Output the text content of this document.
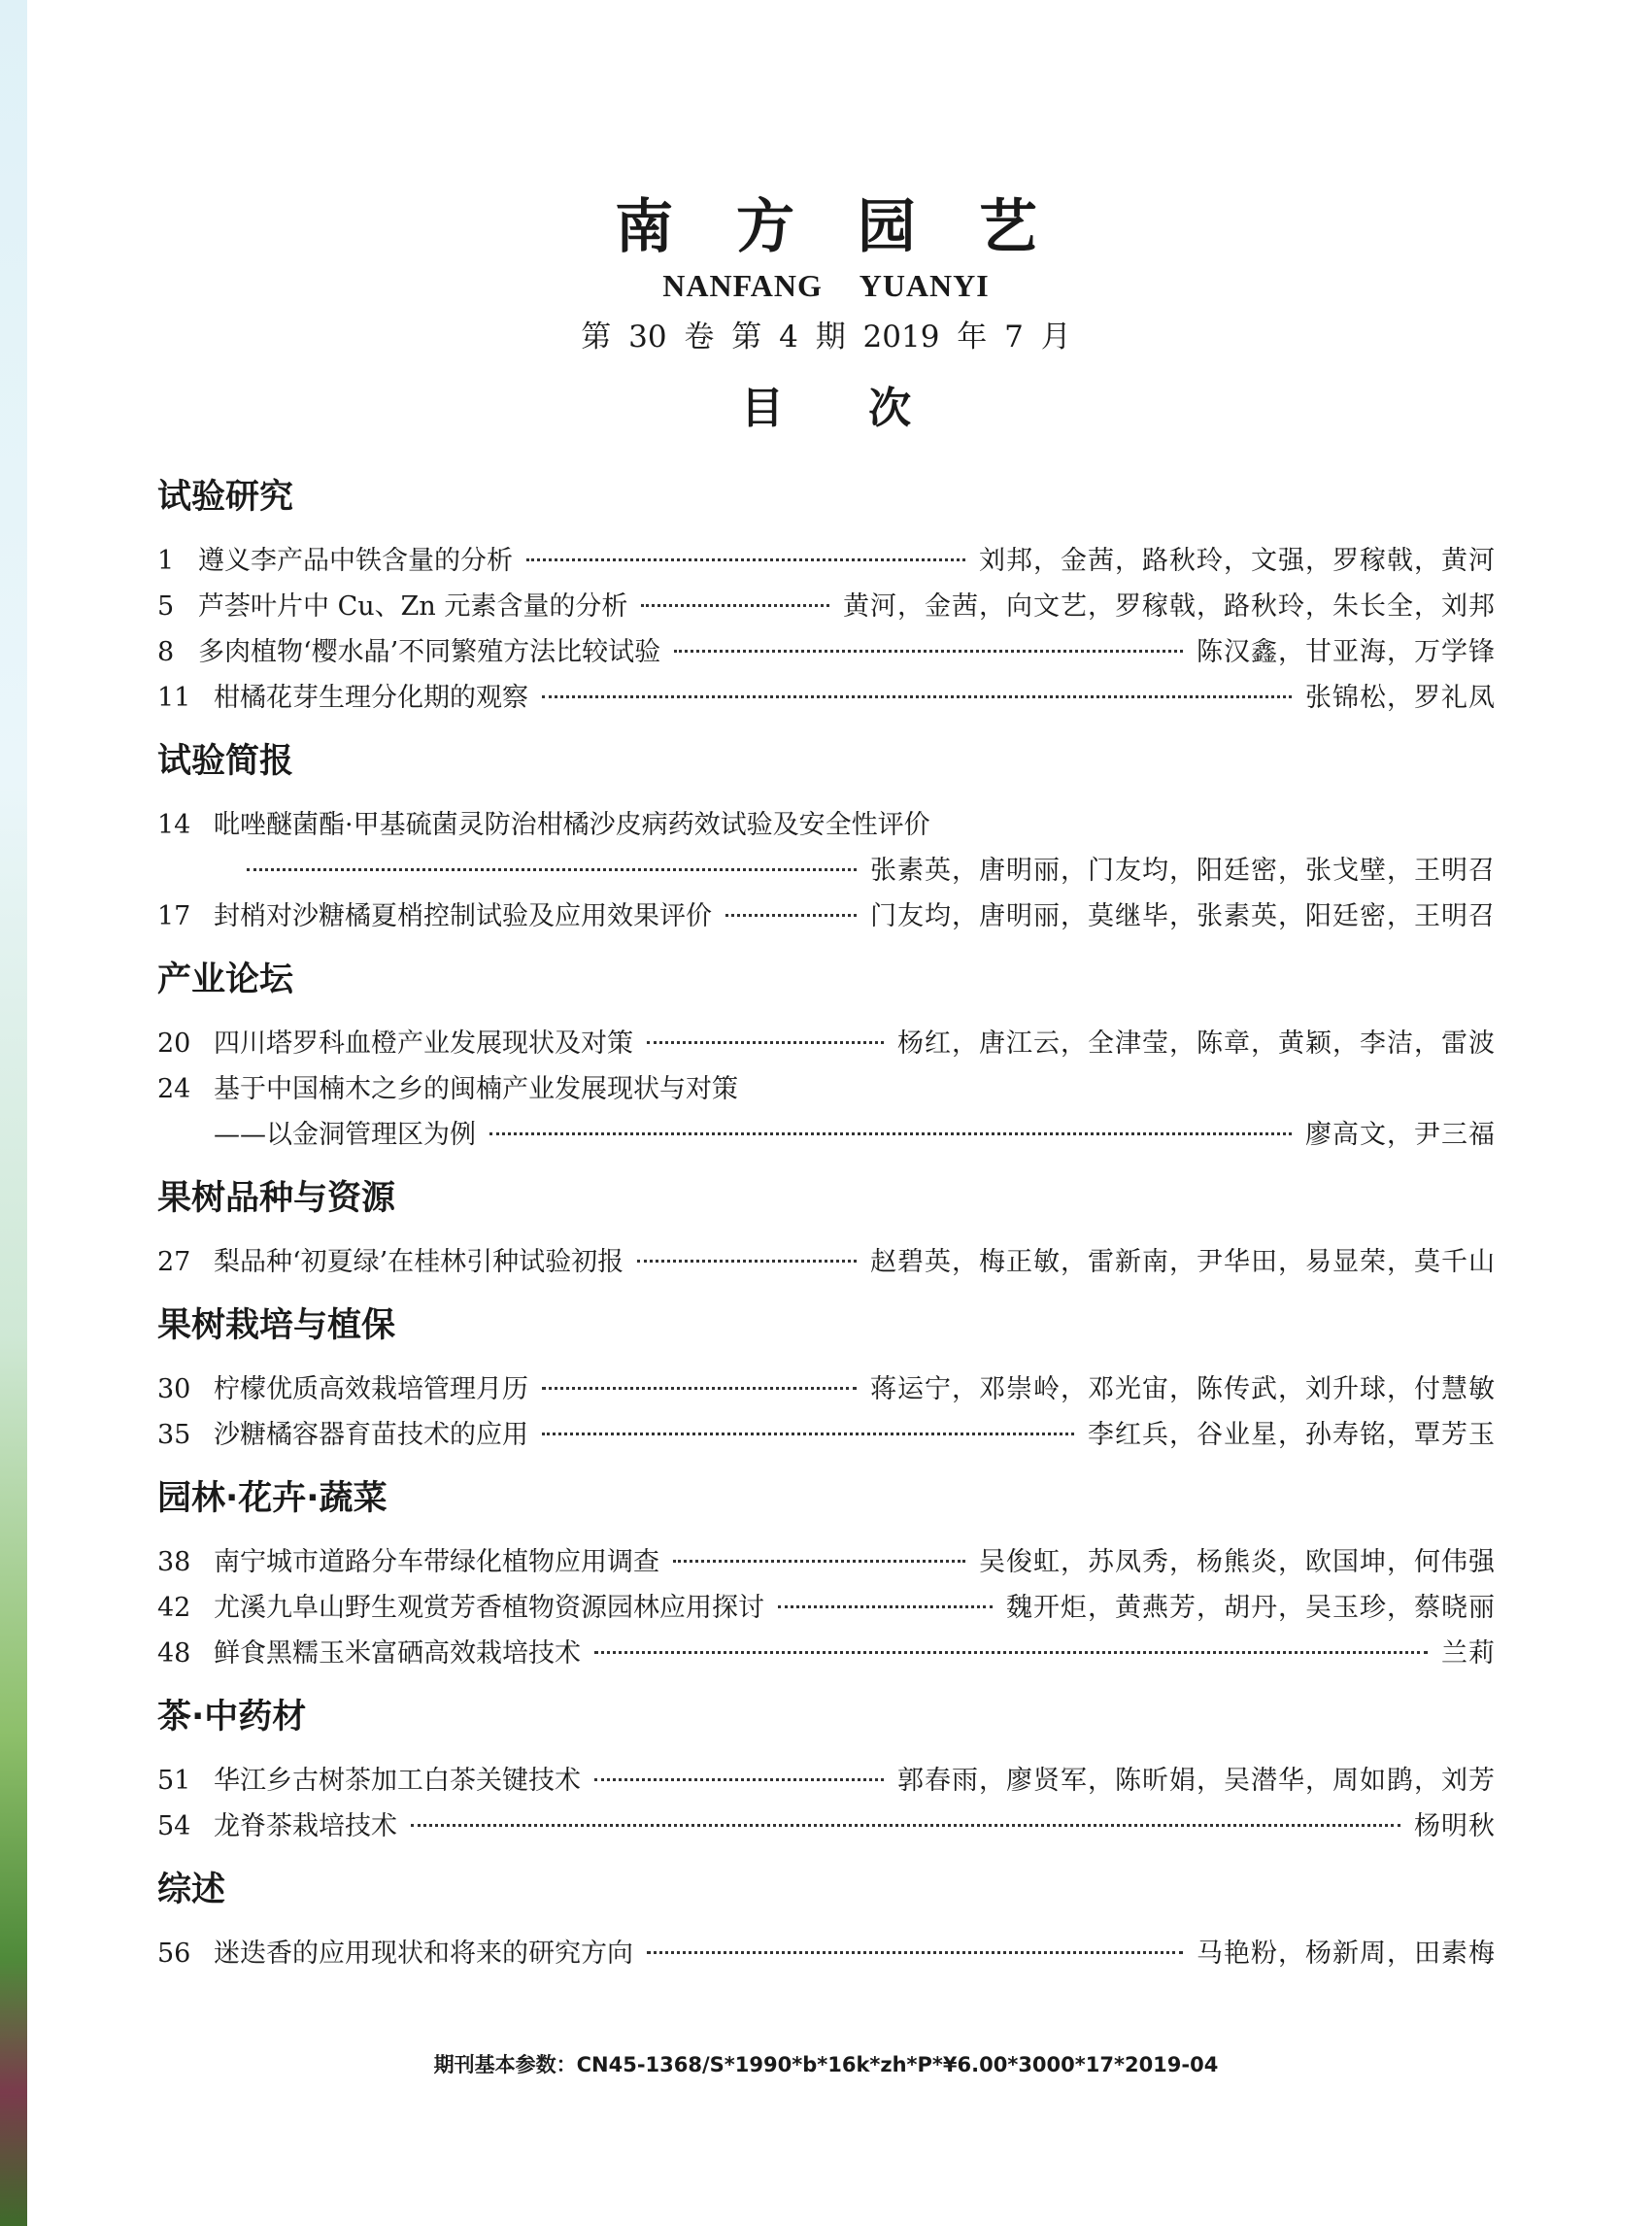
南 方 园 艺
NANFANG YUANYI
第 30 卷 第 4 期 2019 年 7 月
目 次
试验研究
1 遵义李产品中铁含量的分析	刘邦，金茜，路秋玲，文强，罗稼戟，黄河
5 芦荟叶片中 Cu、Zn 元素含量的分析	黄河，金茜，向文艺，罗稼戟，路秋玲，朱长全，刘邦
8 多肉植物‘樱水晶’不同繁殖方法比较试验	陈汉鑫，甘亚海，万学锋
11 柑橘花芽生理分化期的观察	张锦松，罗礼凤
试验简报
14 吡唑醚菌酯·甲基硫菌灵防治柑橘沙皮病药效试验及安全性评价
张素英，唐明丽，门友均，阳廷密，张戈壁，王明召
17 封梢对沙糖橘夏梢控制试验及应用效果评价	门友均，唐明丽，莫继毕，张素英，阳廷密，王明召
产业论坛
20 四川塔罗科血橙产业发展现状及对策	杨红，唐江云，全津莹，陈章，黄颖，李洁，雷波
24 基于中国楠木之乡的闽楠产业发展现状与对策
——以金洞管理区为例	廖高文，尹三福
果树品种与资源
27 梨品种‘初夏绿’在桂林引种试验初报	赵碧英，梅正敏，雷新南，尹华田，易显荣，莫千山
果树栽培与植保
30 柠檬优质高效栽培管理月历	蒋运宁，邓崇岭，邓光宙，陈传武，刘升球，付慧敏
35 沙糖橘容器育苗技术的应用	李红兵，谷业星，孙寿铭，覃芳玉
园林·花卉·蔬菜
38 南宁城市道路分车带绿化植物应用调查	吴俊虹，苏凤秀，杨熊炎，欧国坤，何伟强
42 尤溪九阜山野生观赏芳香植物资源园林应用探讨	魏开炬，黄燕芳，胡丹，吴玉珍，蔡晓丽
48 鲜食黑糯玉米富硒高效栽培技术	兰莉
茶·中药材
51 华江乡古树茶加工白茶关键技术	郭春雨，廖贤军，陈昕娟，吴潜华，周如鹍，刘芳
54 龙脊茶栽培技术	杨明秋
综述
56 迷迭香的应用现状和将来的研究方向	马艳粉，杨新周，田素梅
期刊基本参数：CN45-1368/S*1990*b*16k*zh*P*¥6.00*3000*17*2019-04
